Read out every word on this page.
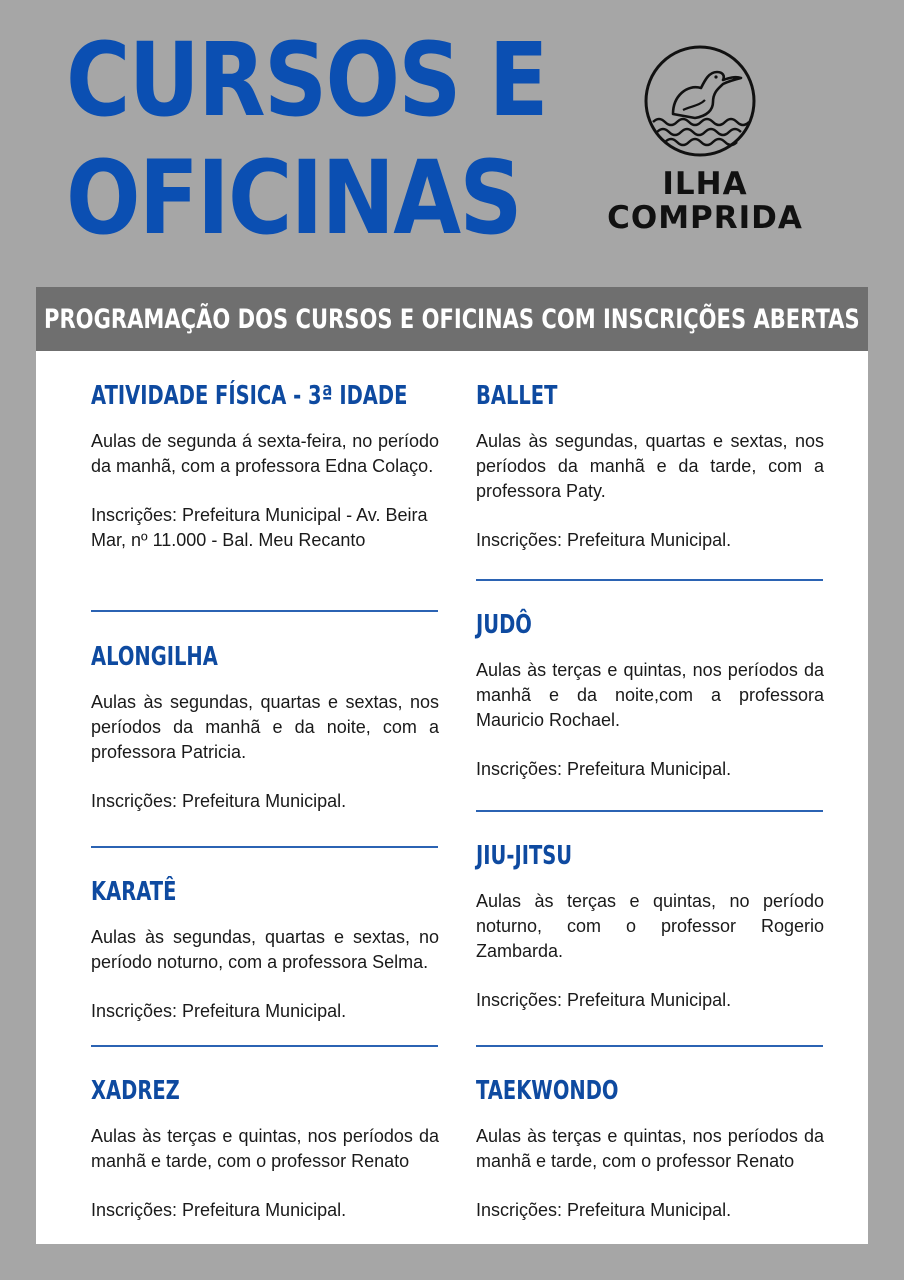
CURSOS E
OFICINAS	ILHA
COMPRIDA
PROGRAMAÇÃO DOS CURSOS E OFICINAS COM INSCRIÇÕES ABERTAS
ATIVIDADE FÍSICA - 3ª IDADE

Aulas de segunda á sexta-feira, no período da manhã, com a professora Edna Colaço.

Inscrições: Prefeitura Municipal - Av. Beira Mar, nº 11.000 - Bal. Meu Recanto

ALONGILHA

Aulas às segundas, quartas e sextas, nos períodos da manhã e da noite, com a professora Patricia.

Inscrições: Prefeitura Municipal.

KARATÊ

Aulas às segundas, quartas e sextas, no período noturno, com a professora Selma.

Inscrições: Prefeitura Municipal.

XADREZ

Aulas às terças e quintas, nos períodos da manhã e tarde, com o professor Renato

Inscrições: Prefeitura Municipal.

BALLET

Aulas às segundas, quartas e sextas, nos períodos da manhã e da tarde, com a professora Paty.

Inscrições: Prefeitura Municipal.

JUDÔ

Aulas às terças e quintas, nos períodos da manhã e da noite,com a professora Mauricio Rochael.

Inscrições: Prefeitura Municipal.

JIU-JITSU

Aulas às terças e quintas, no período noturno, com o professor Rogerio Zambarda.

Inscrições: Prefeitura Municipal.

TAEKWONDO

Aulas às terças e quintas, nos períodos da manhã e tarde, com o professor Renato

Inscrições: Prefeitura Municipal.
